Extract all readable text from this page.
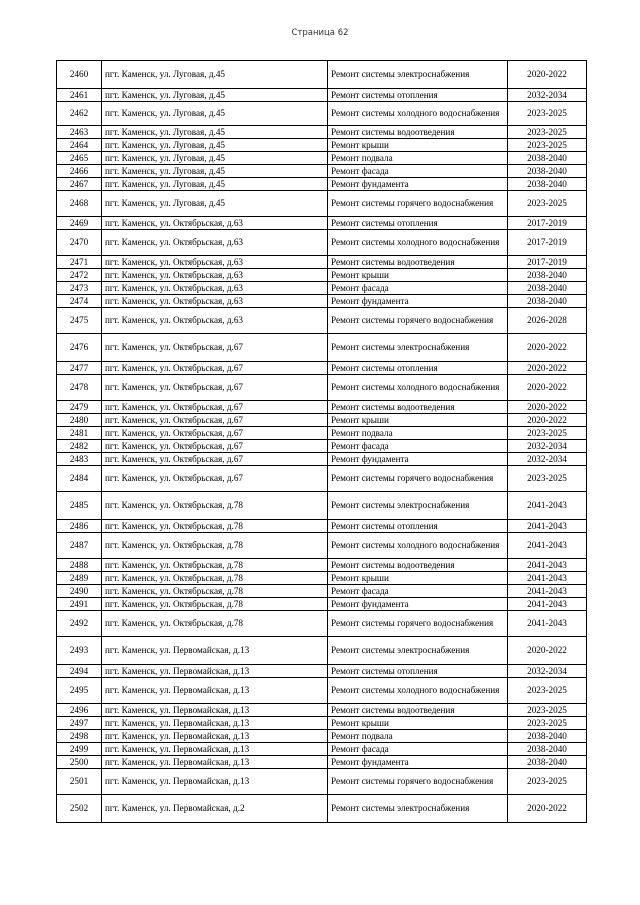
Страница 62
2460	пгт. Каменск, ул. Луговая, д.45	Ремонт системы электроснабжения	2020-2022
2461	пгт. Каменск, ул. Луговая, д.45	Ремонт системы отопления	2032-2034
2462	пгт. Каменск, ул. Луговая, д.45	Ремонт системы холодного водоснабжения	2023-2025
2463	пгт. Каменск, ул. Луговая, д.45	Ремонт системы водоотведения	2023-2025
2464	пгт. Каменск, ул. Луговая, д.45	Ремонт крыши	2023-2025
2465	пгт. Каменск, ул. Луговая, д.45	Ремонт подвала	2038-2040
2466	пгт. Каменск, ул. Луговая, д.45	Ремонт фасада	2038-2040
2467	пгт. Каменск, ул. Луговая, д.45	Ремонт фундамента	2038-2040
2468	пгт. Каменск, ул. Луговая, д.45	Ремонт системы горячего водоснабжения	2023-2025
2469	пгт. Каменск, ул. Октябрьская, д.63	Ремонт системы отопления	2017-2019
2470	пгт. Каменск, ул. Октябрьская, д.63	Ремонт системы холодного водоснабжения	2017-2019
2471	пгт. Каменск, ул. Октябрьская, д.63	Ремонт системы водоотведения	2017-2019
2472	пгт. Каменск, ул. Октябрьская, д.63	Ремонт крыши	2038-2040
2473	пгт. Каменск, ул. Октябрьская, д.63	Ремонт фасада	2038-2040
2474	пгт. Каменск, ул. Октябрьская, д.63	Ремонт фундамента	2038-2040
2475	пгт. Каменск, ул. Октябрьская, д.63	Ремонт системы горячего водоснабжения	2026-2028
2476	пгт. Каменск, ул. Октябрьская, д.67	Ремонт системы электроснабжения	2020-2022
2477	пгт. Каменск, ул. Октябрьская, д.67	Ремонт системы отопления	2020-2022
2478	пгт. Каменск, ул. Октябрьская, д.67	Ремонт системы холодного водоснабжения	2020-2022
2479	пгт. Каменск, ул. Октябрьская, д.67	Ремонт системы водоотведения	2020-2022
2480	пгт. Каменск, ул. Октябрьская, д.67	Ремонт крыши	2020-2022
2481	пгт. Каменск, ул. Октябрьская, д.67	Ремонт подвала	2023-2025
2482	пгт. Каменск, ул. Октябрьская, д.67	Ремонт фасада	2032-2034
2483	пгт. Каменск, ул. Октябрьская, д.67	Ремонт фундамента	2032-2034
2484	пгт. Каменск, ул. Октябрьская, д.67	Ремонт системы горячего водоснабжения	2023-2025
2485	пгт. Каменск, ул. Октябрьская, д.78	Ремонт системы электроснабжения	2041-2043
2486	пгт. Каменск, ул. Октябрьская, д.78	Ремонт системы отопления	2041-2043
2487	пгт. Каменск, ул. Октябрьская, д.78	Ремонт системы холодного водоснабжения	2041-2043
2488	пгт. Каменск, ул. Октябрьская, д.78	Ремонт системы водоотведения	2041-2043
2489	пгт. Каменск, ул. Октябрьская, д.78	Ремонт крыши	2041-2043
2490	пгт. Каменск, ул. Октябрьская, д.78	Ремонт фасада	2041-2043
2491	пгт. Каменск, ул. Октябрьская, д.78	Ремонт фундамента	2041-2043
2492	пгт. Каменск, ул. Октябрьская, д.78	Ремонт системы горячего водоснабжения	2041-2043
2493	пгт. Каменск, ул. Первомайская, д.13	Ремонт системы электроснабжения	2020-2022
2494	пгт. Каменск, ул. Первомайская, д.13	Ремонт системы отопления	2032-2034
2495	пгт. Каменск, ул. Первомайская, д.13	Ремонт системы холодного водоснабжения	2023-2025
2496	пгт. Каменск, ул. Первомайская, д.13	Ремонт системы водоотведения	2023-2025
2497	пгт. Каменск, ул. Первомайская, д.13	Ремонт крыши	2023-2025
2498	пгт. Каменск, ул. Первомайская, д.13	Ремонт подвала	2038-2040
2499	пгт. Каменск, ул. Первомайская, д.13	Ремонт фасада	2038-2040
2500	пгт. Каменск, ул. Первомайская, д.13	Ремонт фундамента	2038-2040
2501	пгт. Каменск, ул. Первомайская, д.13	Ремонт системы горячего водоснабжения	2023-2025
2502	пгт. Каменск, ул. Первомайская, д.2	Ремонт системы электроснабжения	2020-2022
